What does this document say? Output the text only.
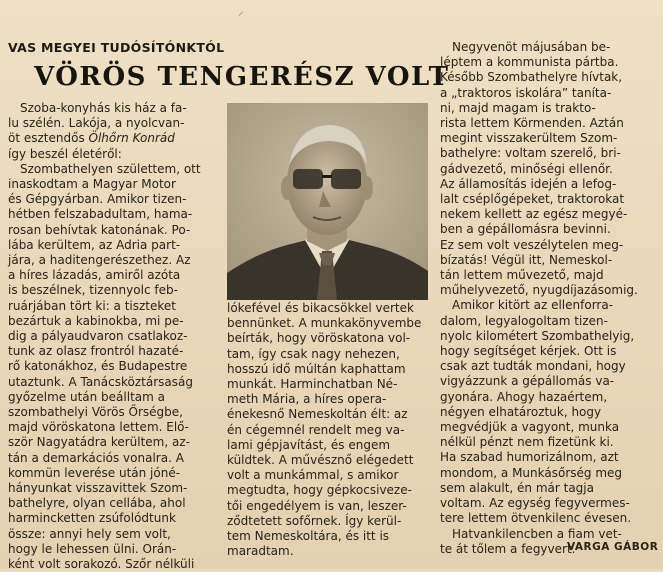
⸝
VAS MEGYEI TUDÓSÍTÓNKTÓL
VÖRÖS TENGERÉSZ VOLT
Szoba-konyhás kis ház a fa-
lu szélén. Lakója, a nyolcvan-
öt esztendős Ölhőrn Konrád
így beszél életéről:
Szombathelyen születtem, ott
inaskodtam a Magyar Motor
és Gépgyárban. Amikor tizen-
hétben felszabadultam, hama-
rosan behívtak katonának. Po-
lába kerültem, az Adria part-
jára, a haditengerészethez. Az
a híres lázadás, amiről azóta
is beszélnek, tizennyolc feb-
ruárjában tört ki: a tiszteket
bezártuk a kabinokba, mi pe-
dig a pályaudvaron csatlakoz-
tunk az olasz frontról hazaté-
rő katonákhoz, és Budapestre
utaztunk. A Tanácsköztársaság
győzelme után beálltam a
szombathelyi Vörös Őrségbe,
majd vöröskatona lettem. Elő-
ször Nagyatádra kerültem, az-
tán a demarkációs vonalra. A
kommün leverése után jóné-
hányunkat visszavittek Szom-
bathelyre, olyan cellába, ahol
harmincketten zsúfolódtunk
össze: annyi hely sem volt,
hogy le lehessen ülni. Orán-
ként volt sorakozó. Szőr nélküli
lókefével és bikacsökkel vertek
bennünket. A munkakönyvembe
beírták, hogy vöröskatona vol-
tam, így csak nagy nehezen,
hosszú idő múltán kaphattam
munkát. Harminchatban Né-
meth Mária, a híres opera-
énekesnő Nemeskoltán élt: az
én cégemnél rendelt meg va-
lami gépjavítást, és engem
küldtek. A művésznő elégedett
volt a munkámmal, s amikor
megtudta, hogy gépkocsivezе-
tői engedélyem is van, leszer-
ződtetett sofőrnek. Így kerül-
tem Nemeskoltára, és itt is
maradtam.
Negyvenöt májusában be-
léptem a kommunista pártba.
Később Szombathelyre hívtak,
a „traktoros iskolára” tanítа-
ni, majd magam is trakto-
rista lettem Körmenden. Aztán
megint visszakerültem Szom-
bathelyre: voltam szerelő, bri-
gádvezető, minőségi ellenőr.
Az államosítás idején a lefog-
lalt cséplőgépeket, traktorokat
nekem kellett az egész megyé-
ben a gépállomásra bevinni.
Ez sem volt veszélytelen meg-
bízatás! Végül itt, Nemeskol-
tán lettem művezető, majd
műhelyvezető, nyugdíjazásomig.
Amikor kitört az ellenforra-
dalom, legyalogoltam tizen-
nyolc kilométert Szombathelyig,
hogy segítséget kérjek. Ott is
csak azt tudták mondani, hogy
vigyázzunk a gépállomás va-
gyonára. Ahogy hazaértem,
négyen elhatároztuk, hogy
megvédjük a vagyont, munka
nélkül pénzt nem fizetünk ki.
Ha szabad humorizálnom, azt
mondom, a Munkásőrség meg
sem alakult, én már tagja
voltam. Az egység fegyvermes-
tere lettem ötvenkilenc évesen.
Hatvankilencben a fiam vet-
te át tőlem a fegyvert.
VARGA GÁBOR
